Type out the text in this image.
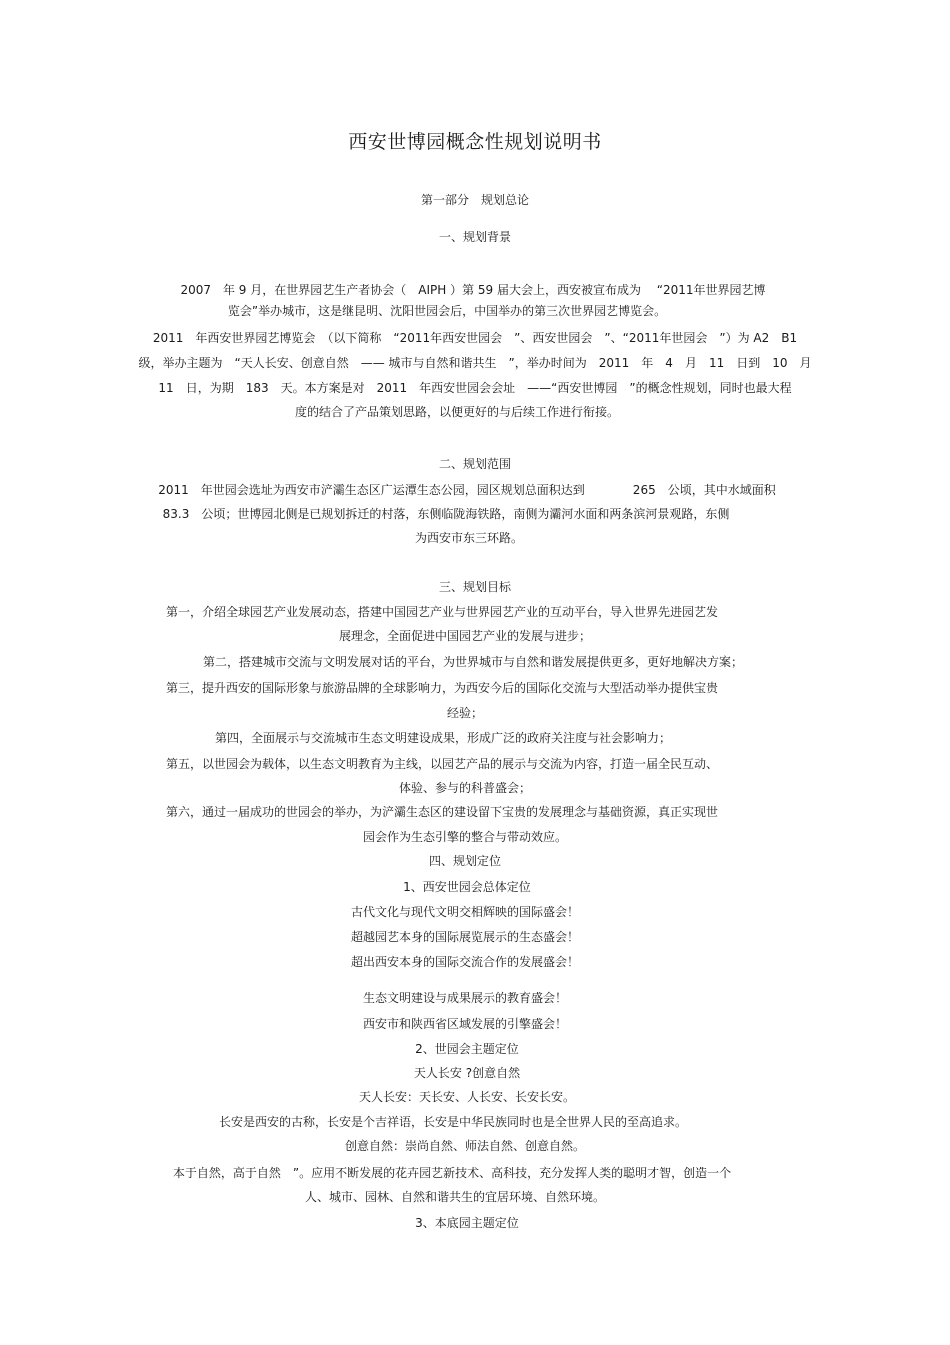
西安世博园概念性规划说明书

第一部分　规划总论

一、规划背景

2007　年 9 月，在世界园艺生产者协会（　AIPH ）第 59 届大会上，西安被宣布成为　 “2011年世界园艺博

览会”举办城市，这是继昆明、沈阳世园会后，中国举办的第三次世界园艺博览会。

2011　年西安世界园艺博览会　（以下简称　“2011年西安世园会　”、西安世园会　”、“2011年世园会　”）为 A2　B1

级，举办主题为　“天人长安、创意自然　—— 城市与自然和谐共生　”，举办时间为　2011　年　4　月　11　日到　10　月

11　日，为期　183　天。本方案是对　2011　年西安世园会会址　——“西安世博园　”的概念性规划，同时也最大程

度的结合了产品策划思路，以便更好的与后续工作进行衔接。

二、规划范围

2011　年世园会选址为西安市浐灞生态区广运潭生态公园，园区规划总面积达到　　　　265　公顷，其中水域面积

83.3　公顷；世博园北侧是已规划拆迁的村落，东侧临陇海铁路，南侧为灞河水面和两条滨河景观路，东侧

为西安市东三环路。

三、规划目标

第一，介绍全球园艺产业发展动态，搭建中国园艺产业与世界园艺产业的互动平台，导入世界先进园艺发

展理念，全面促进中国园艺产业的发展与进步；

第二，搭建城市交流与文明发展对话的平台，为世界城市与自然和谐发展提供更多，更好地解决方案；

第三，提升西安的国际形象与旅游品牌的全球影响力，为西安今后的国际化交流与大型活动举办提供宝贵

经验；

第四，全面展示与交流城市生态文明建设成果，形成广泛的政府关注度与社会影响力；

第五，以世园会为载体，以生态文明教育为主线，以园艺产品的展示与交流为内容，打造一届全民互动、

体验、参与的科普盛会；

第六，通过一届成功的世园会的举办，为浐灞生态区的建设留下宝贵的发展理念与基础资源，真正实现世

园会作为生态引擎的整合与带动效应。

四、规划定位

1、西安世园会总体定位

古代文化与现代文明交相辉映的国际盛会！

超越园艺本身的国际展览展示的生态盛会！

超出西安本身的国际交流合作的发展盛会！

生态文明建设与成果展示的教育盛会！

西安市和陕西省区域发展的引擎盛会！

2、世园会主题定位

天人长安 ?创意自然

天人长安：天长安、人长安、长安长安。

长安是西安的古称，长安是个吉祥语，长安是中华民族同时也是全世界人民的至高追求。

创意自然：崇尚自然、师法自然、创意自然。

本于自然，高于自然　”。应用不断发展的花卉园艺新技术、高科技，充分发挥人类的聪明才智，创造一个

人、城市、园林、自然和谐共生的宜居环境、自然环境。

3、本底园主题定位
